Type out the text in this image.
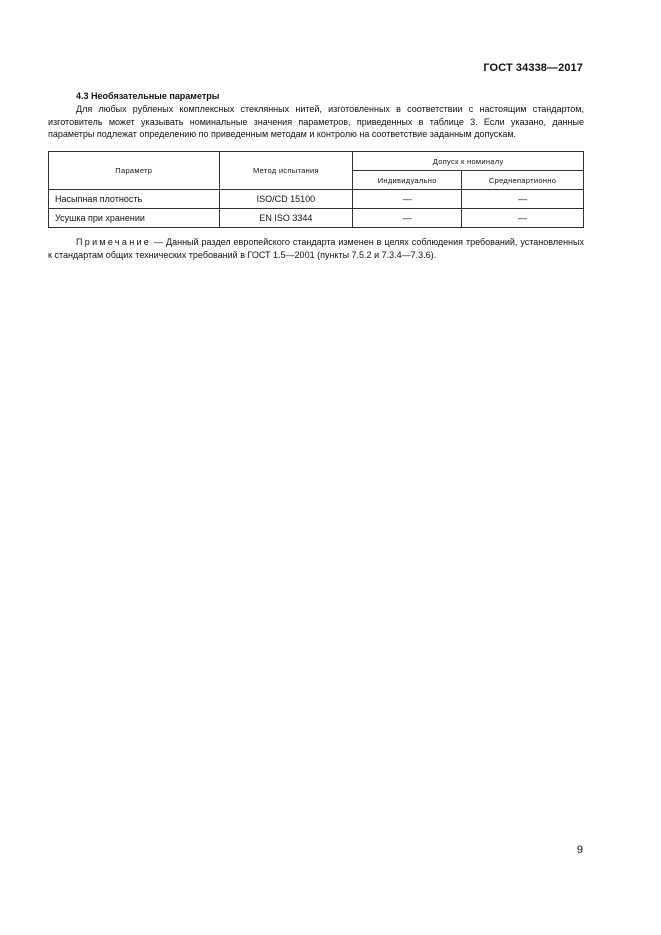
ГОСТ 34338—2017
4.3 Необязательные параметры

Для любых рубленых комплексных стеклянных нитей, изготовленных в соответствии с настоящим стандартом, изготовитель может указывать номинальные значения параметров, приведенных в таблице 3. Если указано, данные параметры подлежат определению по приведенным методам и контролю на соответствие заданным допускам.

Параметр	Метод испытания	Допуск к номиналу	
		Индивидуально	Среднепартионно
Насыпная плотность	ISO/CD 15100	—	—
Усушка при хранении	EN ISO 3344	—	—

Примечание — Данный раздел европейского стандарта изменен в целях соблюдения требований, установленных к стандартам общих технических требований в ГОСТ 1.5—2001 (пункты 7.5.2 и 7.3.4—7.3.6).

9
